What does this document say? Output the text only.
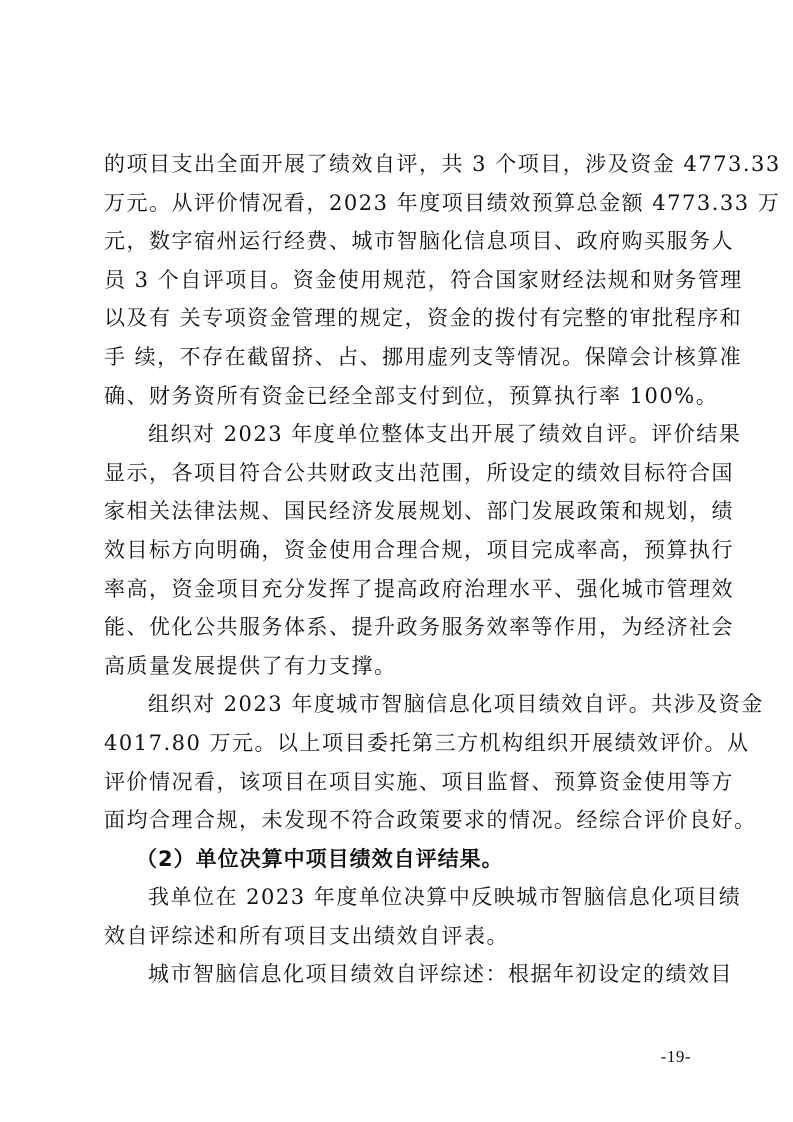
的项目支出全面开展了绩效自评，共 3 个项目，涉及资金 4773.33
万元。从评价情况看，2023 年度项目绩效预算总金额 4773.33 万
元，数字宿州运行经费、城市智脑化信息项目、政府购买服务人
员 3 个自评项目。资金使用规范，符合国家财经法规和财务管理
以及有 关专项资金管理的规定，资金的拨付有完整的审批程序和
手 续，不存在截留挤、占、挪用虚列支等情况。保障会计核算准
确、财务资所有资金已经全部支付到位，预算执行率 100%。
组织对 2023 年度单位整体支出开展了绩效自评。评价结果
显示，各项目符合公共财政支出范围，所设定的绩效目标符合国
家相关法律法规、国民经济发展规划、部门发展政策和规划，绩
效目标方向明确，资金使用合理合规，项目完成率高，预算执行
率高，资金项目充分发挥了提高政府治理水平、强化城市管理效
能、优化公共服务体系、提升政务服务效率等作用，为经济社会
高质量发展提供了有力支撑。
组织对 2023 年度城市智脑信息化项目绩效自评。共涉及资金
4017.80 万元。以上项目委托第三方机构组织开展绩效评价。从
评价情况看，该项目在项目实施、项目监督、预算资金使用等方
面均合理合规，未发现不符合政策要求的情况。经综合评价良好。
（2）单位决算中项目绩效自评结果。
我单位在 2023 年度单位决算中反映城市智脑信息化项目绩
效自评综述和所有项目支出绩效自评表。
城市智脑信息化项目绩效自评综述：根据年初设定的绩效目
-19-
